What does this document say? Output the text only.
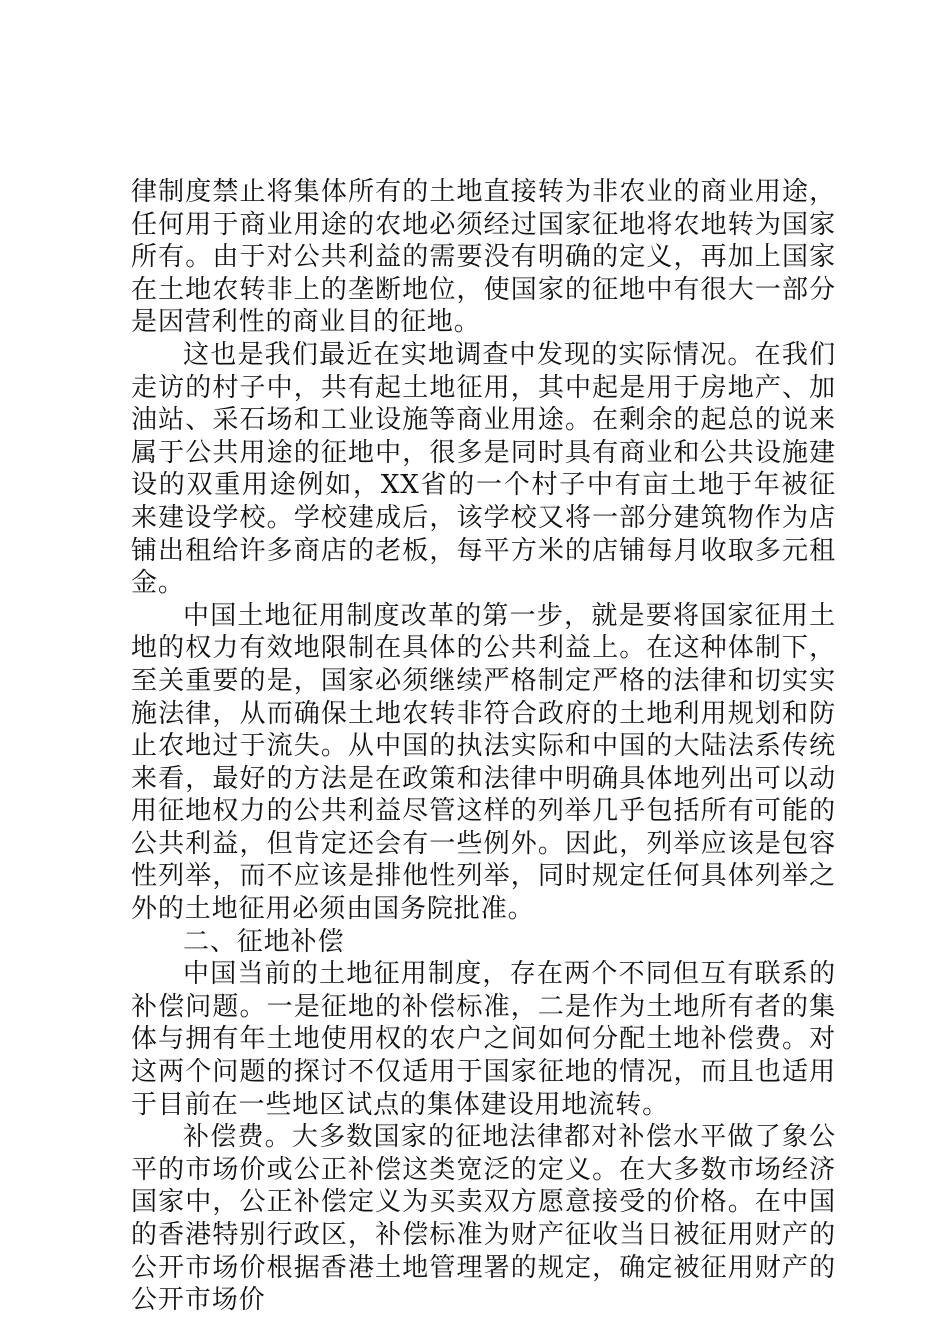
律制度禁止将集体所有的土地直接转为非农业的商业用途，任何用于商业用途的农地必须经过国家征地将农地转为国家所有。由于对公共利益的需要没有明确的定义，再加上国家在土地农转非上的垄断地位，使国家的征地中有很大一部分是因营利性的商业目的征地。

这也是我们最近在实地调查中发现的实际情况。在我们走访的村子中，共有起土地征用，其中起是用于房地产、加油站、采石场和工业设施等商业用途。在剩余的起总的说来属于公共用途的征地中，很多是同时具有商业和公共设施建设的双重用途例如，XX省的一个村子中有亩土地于年被征来建设学校。学校建成后，该学校又将一部分建筑物作为店铺出租给许多商店的老板，每平方米的店铺每月收取多元租金。

中国土地征用制度改革的第一步，就是要将国家征用土地的权力有效地限制在具体的公共利益上。在这种体制下，至关重要的是，国家必须继续严格制定严格的法律和切实实施法律，从而确保土地农转非符合政府的土地利用规划和防止农地过于流失。从中国的执法实际和中国的大陆法系传统来看，最好的方法是在政策和法律中明确具体地列出可以动用征地权力的公共利益尽管这样的列举几乎包括所有可能的公共利益，但肯定还会有一些例外。因此，列举应该是包容性列举，而不应该是排他性列举，同时规定任何具体列举之外的土地征用必须由国务院批准。

二、征地补偿

中国当前的土地征用制度，存在两个不同但互有联系的补偿问题。一是征地的补偿标准，二是作为土地所有者的集体与拥有年土地使用权的农户之间如何分配土地补偿费。对这两个问题的探讨不仅适用于国家征地的情况，而且也适用于目前在一些地区试点的集体建设用地流转。

补偿费。大多数国家的征地法律都对补偿水平做了象公平的市场价或公正补偿这类宽泛的定义。在大多数市场经济国家中，公正补偿定义为买卖双方愿意接受的价格。在中国的香港特别行政区，补偿标准为财产征收当日被征用财产的公开市场价根据香港土地管理署的规定，确定被征用财产的公开市场价
